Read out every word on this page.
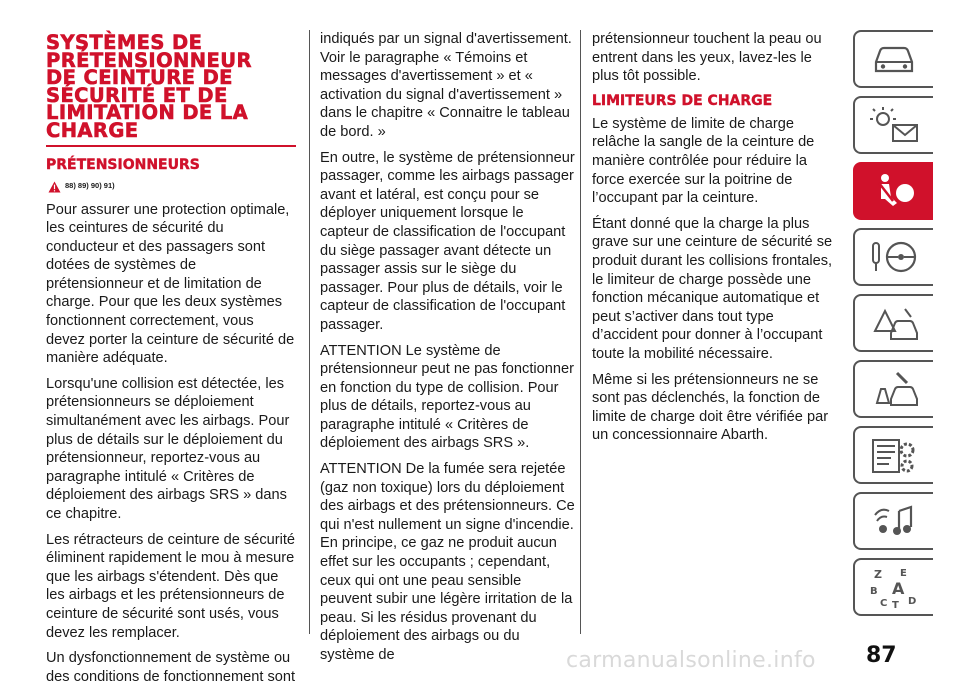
SYSTÈMES DE
PRÉTENSIONNEUR
DE CEINTURE DE
SÉCURITÉ ET DE
LIMITATION DE LA
CHARGE
PRÉTENSIONNEURS
88) 89) 90) 91)

Pour assurer une protection optimale, les ceintures de sécurité du conducteur et des passagers sont dotées de systèmes de prétensionneur et de limitation de charge. Pour que les deux systèmes fonctionnent correctement, vous devez porter la ceinture de sécurité de manière adéquate.

Lorsqu'une collision est détectée, les prétensionneurs se déploiement simultanément avec les airbags. Pour plus de détails sur le déploiement du prétensionneur, reportez-vous au paragraphe intitulé « Critères de déploiement des airbags SRS » dans ce chapitre.

Les rétracteurs de ceinture de sécurité éliminent rapidement le mou à mesure que les airbags s'étendent. Dès que les airbags et les prétensionneurs de ceinture de sécurité sont usés, vous devez les remplacer.

Un dysfonctionnement de système ou des conditions de fonctionnement sont

indiqués par un signal d'avertissement. Voir le paragraphe « Témoins et messages d'avertissement » et « activation du signal d'avertissement » dans le chapitre « Connaitre le tableau de bord. »

En outre, le système de prétensionneur passager, comme les airbags passager avant et latéral, est conçu pour se déployer uniquement lorsque le capteur de classification de l'occupant du siège passager avant détecte un passager assis sur le siège du passager. Pour plus de détails, voir le capteur de classification de l'occupant passager.

ATTENTION Le système de prétensionneur peut ne pas fonctionner en fonction du type de collision. Pour plus de détails, reportez-vous au paragraphe intitulé « Critères de déploiement des airbags SRS ».

ATTENTION De la fumée sera rejetée (gaz non toxique) lors du déploiement des airbags et des prétensionneurs. Ce qui n'est nullement un signe d'incendie. En principe, ce gaz ne produit aucun effet sur les occupants ; cependant, ceux qui ont une peau sensible peuvent subir une légère irritation de la peau. Si les résidus provenant du déploiement des airbags ou du système de

prétensionneur touchent la peau ou entrent dans les yeux, lavez-les le plus tôt possible.

LIMITEURS DE CHARGE

Le système de limite de charge relâche la sangle de la ceinture de manière contrôlée pour réduire la force exercée sur la poitrine de l’occupant par la ceinture.

Étant donné que la charge la plus grave sur une ceinture de sécurité se produit durant les collisions frontales, le limiteur de charge possède une fonction mécanique automatique et peut s’activer dans tout type d’accident pour donner à l’occupant toute la mobilité nécessaire.

Même si les prétensionneurs ne se sont pas déclenchés, la fonction de limite de charge doit être vérifiée par un concessionnaire Abarth.

Z E
B A
C T D
carmanualsonline.info 87
